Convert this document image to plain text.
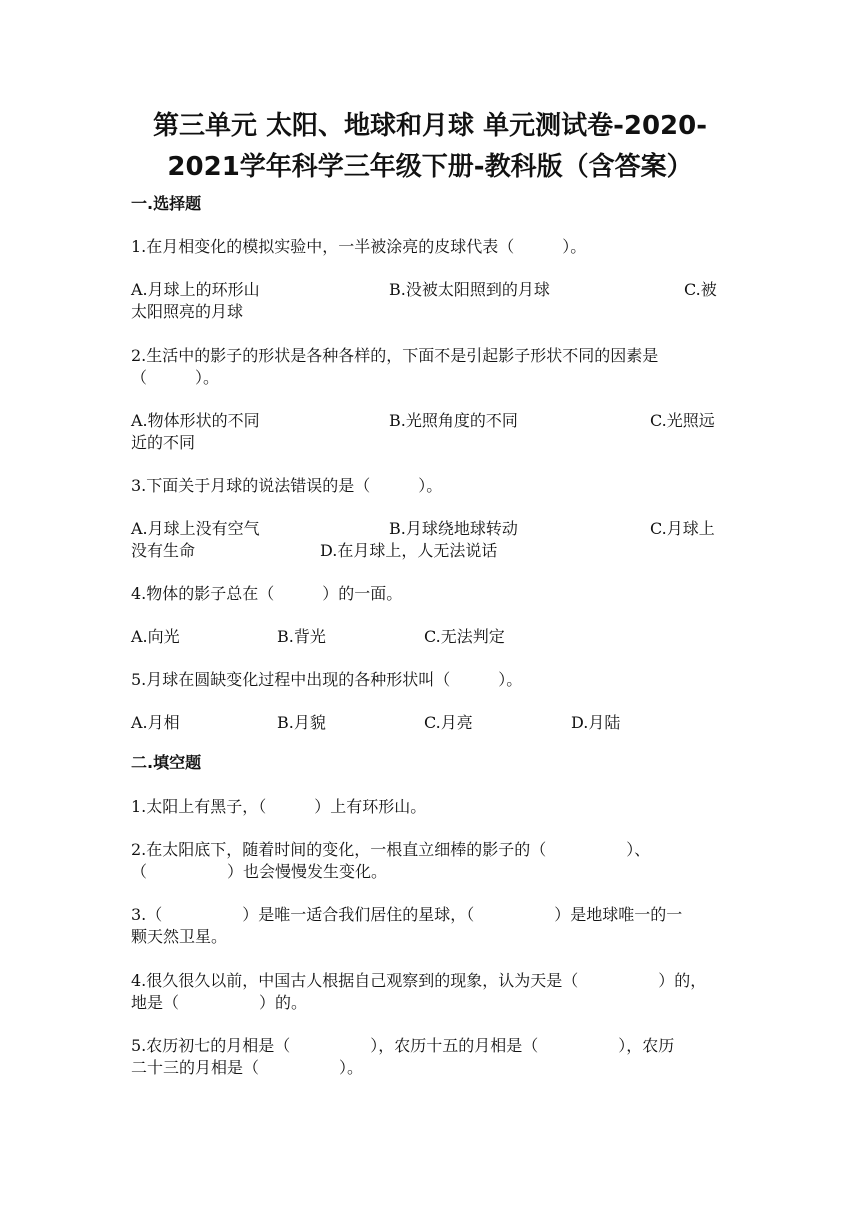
第三单元 太阳、地球和月球 单元测试卷-2020-
2021学年科学三年级下册-教科版（含答案）
一.选择题
1.在月相变化的模拟实验中，一半被涂亮的皮球代表（　　　）。
A.月球上的环形山	B.没被太阳照到的月球	C.被
太阳照亮的月球
2.生活中的影子的形状是各种各样的，下面不是引起影子形状不同的因素是
（　　　）。
A.物体形状的不同	B.光照角度的不同	C.光照远
近的不同
3.下面关于月球的说法错误的是（　　　）。
A.月球上没有空气	B.月球绕地球转动	C.月球上
没有生命	D.在月球上，人无法说话
4.物体的影子总在（　　　）的一面。
A.向光	B.背光	C.无法判定
5.月球在圆缺变化过程中出现的各种形状叫（　　　）。
A.月相	B.月貌	C.月亮	D.月陆
二.填空题
1.太阳上有黑子，（　　　）上有环形山。
2.在太阳底下，随着时间的变化，一根直立细棒的影子的（　　　　　）、
（　　　　　）也会慢慢发生变化。
3.（　　　　　）是唯一适合我们居住的星球，（　　　　　）是地球唯一的一
颗天然卫星。
4.很久很久以前，中国古人根据自己观察到的现象，认为天是（　　　　　）的，
地是（　　　　　）的。
5.农历初七的月相是（　　　　　），农历十五的月相是（　　　　　），农历
二十三的月相是（　　　　　）。
